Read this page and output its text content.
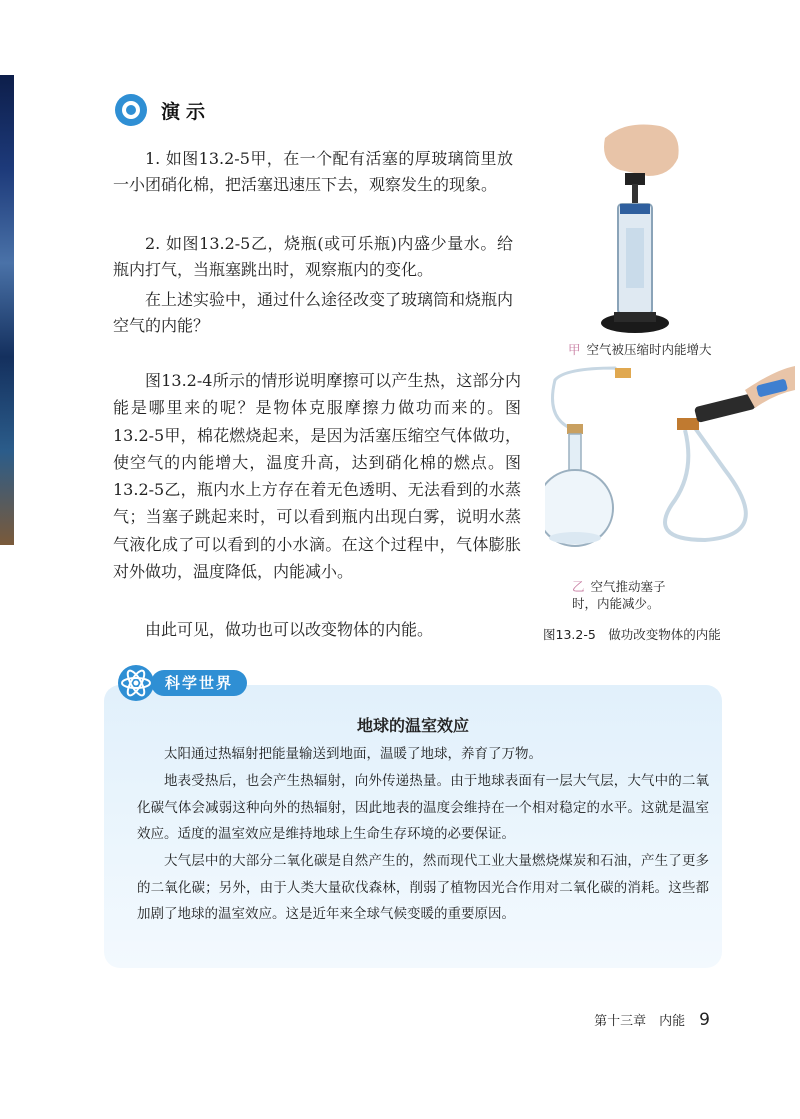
演示

1. 如图13.2-5甲，在一个配有活塞的厚玻璃筒里放一小团硝化棉，把活塞迅速压下去，观察发生的现象。

2. 如图13.2-5乙，烧瓶(或可乐瓶)内盛少量水。给瓶内打气，当瓶塞跳出时，观察瓶内的变化。

在上述实验中，通过什么途径改变了玻璃筒和烧瓶内空气的内能？

图13.2-4所示的情形说明摩擦可以产生热，这部分内能是哪里来的呢？是物体克服摩擦力做功而来的。图13.2-5甲，棉花燃烧起来，是因为活塞压缩空气体做功，使空气的内能增大，温度升高，达到硝化棉的燃点。图13.2-5乙，瓶内水上方存在着无色透明、无法看到的水蒸气；当塞子跳起来时，可以看到瓶内出现白雾，说明水蒸气液化成了可以看到的小水滴。在这个过程中，气体膨胀对外做功，温度降低，内能减小。

由此可见，做功也可以改变物体的内能。

甲 空气被压缩时内能增大
乙 空气推动塞子
时，内能减少。
图13.2-5　做功改变物体的内能
科学世界
地球的温室效应

太阳通过热辐射把能量输送到地面，温暖了地球，养育了万物。

地表受热后，也会产生热辐射，向外传递热量。由于地球表面有一层大气层，大气中的二氧化碳气体会减弱这种向外的热辐射，因此地表的温度会维持在一个相对稳定的水平。这就是温室效应。适度的温室效应是维持地球上生命生存环境的必要保证。

大气层中的大部分二氧化碳是自然产生的，然而现代工业大量燃烧煤炭和石油，产生了更多的二氧化碳；另外，由于人类大量砍伐森林，削弱了植物因光合作用对二氧化碳的消耗。这些都加剧了地球的温室效应。这是近年来全球气候变暖的重要原因。

第十三章　内能 9
